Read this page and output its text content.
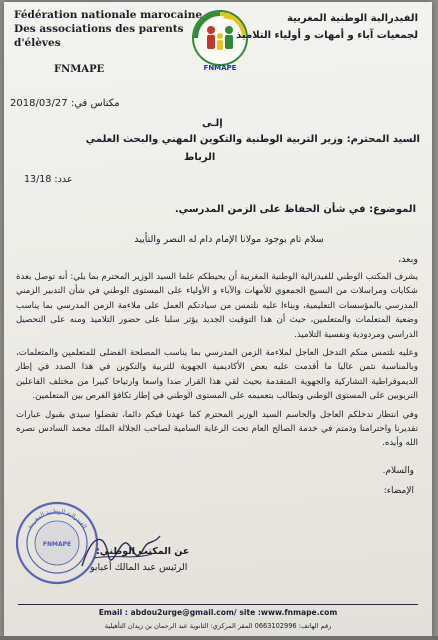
Fédération nationale marocaine
Des associations des parents
d'élèves
FNMAPE	FNMAPE
الفيدرالية الوطنية المغربية
لجمعيات آباء و أمهات و أولياء التلاميذ
مكناس في: 2018/03/27
إلـى
السيد المحترم: وزير التربية الوطنية والتكوين المهني والبحث العلمي
الرباط
عدد: 13/18
الموضوع: في شأن الحفاظ على الزمن المدرسي.
سلام تام بوجود مولانا الإمام دام له النصر والتأييد
وبعد،

يشرف المكتب الوطني للفيدرالية الوطنية المغربية أن يحيطكم علما السيد الوزير المحترم بما يلي: أنه توصل بعدة شكايات ومراسلات من النسيج الجمعوي للأمهات والآباء و الأولياء على المستوى الوطني في شأن التدبير الزمني المدرسي بالمؤسسات التعليمية، وبناءا عليه نلتمس من سيادتكم العمل على ملاءمة الزمن المدرسي بما يناسب وضعية المتعلمات والمتعلمين، حيث أن هذا التوقيت الجديد يؤثر سلبا على حضور التلاميذ ومنه على التحصيل الدراسي ومردودية ونفسية التلاميذ.

وعليه نلتمس منكم التدخل العاجل لملاءمة الزمن المدرسي بما يناسب المصلحة الفضلى للمتعلمين والمتعلمات، وبالمناسبة نثمن عاليا ما أقدمت عليه بعض الأكاديمية الجهوية للتربية والتكوين في هذا الصدد في إطار الديموقراطية التشاركية والجهوية المتقدمة بحيث لقي هذا القرار صدا واسعا وارتياحا كبيرا من مختلف الفاعلين التربويين على المستوى الوطني وتطالب بتعميمه على المستوى الوطني في إطار تكافؤ الفرص بين المتعلمين.

وفي انتظار تدخلكم العاجل والحاسم السيد الوزير المحترم كما عهدنا فيكم دائما، تقضلوا سيدي بقبول عبارات تقديرنا واحترامنا ودمتم في خدمة الصالح العام تحت الرعاية السامية لصاحب الجلالة الملك محمد السادس نصره الله وأيده.

والسلام.
الإمضاء:
الفيدرالية الوطنية المغربية
FNMAPE
عن المكتب الوطني:
الرئيس عبد المالك أعبابو
Email : abdou2urge@gmail.com/ site :www.fnmape.com
رقم الهاتف: 0663102996 المقر المركزي: الثانوية عبد الرحمان بن زيدان التأهيلية
